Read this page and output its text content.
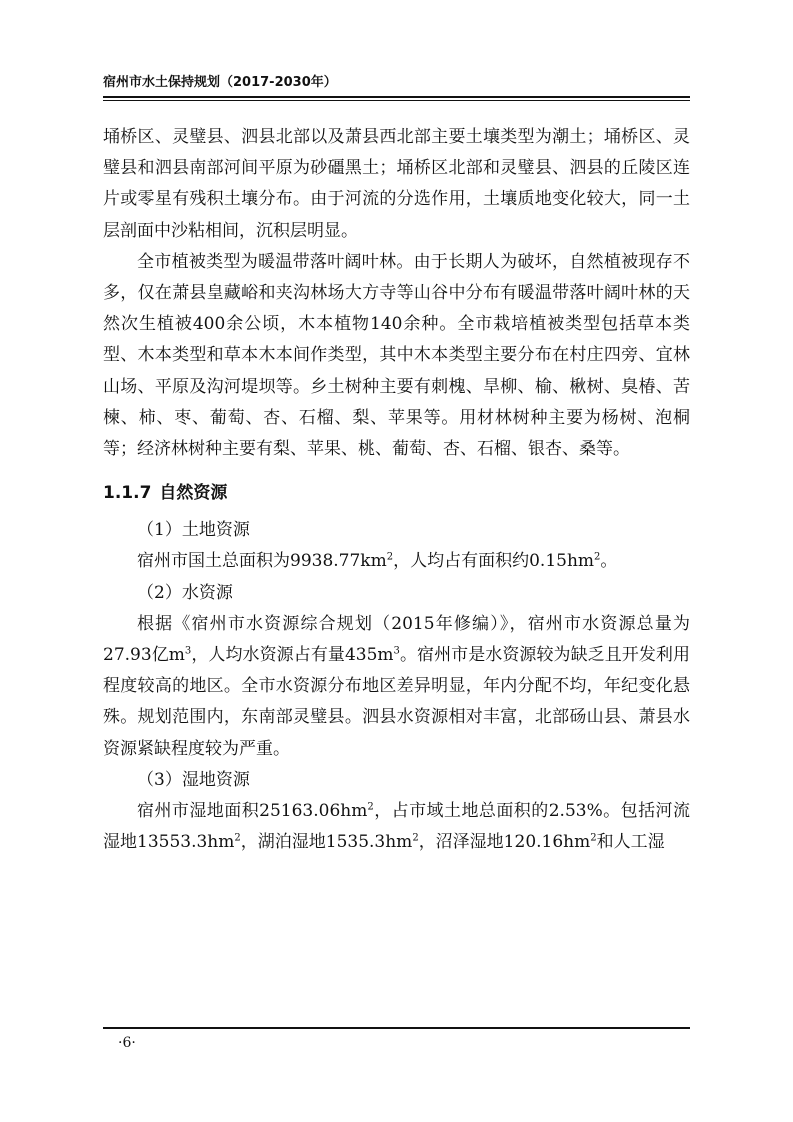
宿州市水土保持规划（2017-2030年）

埇桥区、灵璧县、泗县北部以及萧县西北部主要土壤类型为潮土；埇桥区、灵璧县和泗县南部河间平原为砂礓黑土；埇桥区北部和灵璧县、泗县的丘陵区连片或零星有残积土壤分布。由于河流的分选作用，土壤质地变化较大，同一土层剖面中沙粘相间，沉积层明显。

全市植被类型为暖温带落叶阔叶林。由于长期人为破坏，自然植被现存不多，仅在萧县皇藏峪和夹沟林场大方寺等山谷中分布有暖温带落叶阔叶林的天然次生植被400余公顷，木本植物140余种。全市栽培植被类型包括草本类型、木本类型和草本木本间作类型，其中木本类型主要分布在村庄四旁、宜林山场、平原及沟河堤坝等。乡土树种主要有刺槐、旱柳、榆、楸树、臭椿、苦楝、柿、枣、葡萄、杏、石榴、梨、苹果等。用材林树种主要为杨树、泡桐等；经济林树种主要有梨、苹果、桃、葡萄、杏、石榴、银杏、桑等。

1.1.7 自然资源

（1）土地资源

宿州市国土总面积为$9938.77km^2$，人均占有面积约$0.15hm^2$。

（2）水资源

根据《宿州市水资源综合规划（2015年修编）》，宿州市水资源总量为27.93亿$m^3$，人均水资源占有量$435m^3$。宿州市是水资源较为缺乏且开发利用程度较高的地区。全市水资源分布地区差异明显，年内分配不均，年纪变化悬殊。规划范围内，东南部灵璧县。泗县水资源相对丰富，北部砀山县、萧县水资源紧缺程度较为严重。

（3）湿地资源

宿州市湿地面积$25163.06hm^2$，占市域土地总面积的2.53%。包括河流湿地$13553.3hm^2$，湖泊湿地$1535.3hm^2$，沼泽湿地$120.16hm^2$和人工湿

·6·
